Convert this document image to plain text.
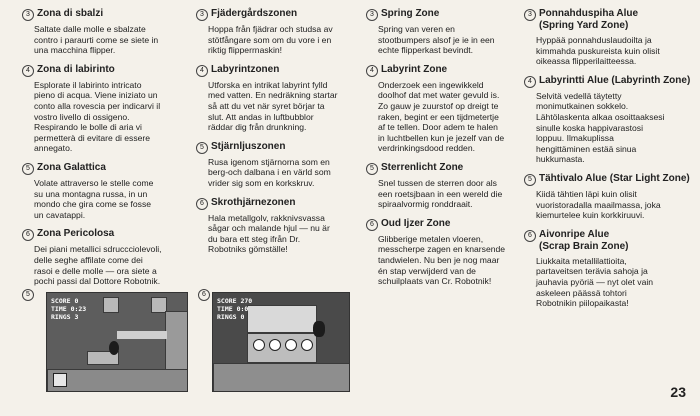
3 Zona di sbalzi
Saltate dalle molle e sbalzate
contro i paraurti come se siete in
una macchina flipper.
4 Zona di labirinto
Esplorate il labirinto intricato
pieno di acqua. Viene iniziato un
conto alla rovescia per indicarvi il
vostro livello di ossigeno.
Respirando le bolle di aria vi
permetterà di evitare di essere
annegato.
5 Zona Galattica
Volate attraverso le stelle come
su una montagna russa, in un
mondo che gira come se fosse
un cavatappi.
6 Zona Pericolosa
Dei piani metallici sdruccciolevoli,
delle seghe affilate come dei
rasoi e delle molle — ora siete a
pochi passi dal Dottore Robotnik.
3 Fjädergårdszonen
Hoppa från fjädrar och studsa av
stötfångare som om du vore i en
riktig flipperrnaskin!
4 Labyrintzonen
Utforska en intrikat labyrint fylld
med vatten. En nedräkning startar
så att du vet när syret börjar ta
slut. Att andas in luftbubblor
räddar dig från drunkning.
5 Stjärnljuszonen
Rusa igenom stjärnorna som en
berg-och dalbana i en värld som
vrider sig som en korkskruv.
6 Skrothjärnezonen
Hala metallgolv, rakknivsvassa
sågar och malande hjul — nu är
du bara ett steg ifrån Dr.
Robotniks gömställe!
3 Spring Zone
Spring van veren en
stootbumpers alsof je ie in een
echte flipperkast bevindt.
4 Labyrint Zone
Onderzoek een ingewikkeld
doolhof dat met water gevuld is.
Zo gauw je zuurstof op dreigt te
raken, begint er een tijdmetertje
af te tellen. Door adem te halen
in luchtbellen kun je jezelf van de
verdrinkingsdood redden.
5 Sterrenlicht Zone
Snel tussen de sterren door als
een roetsjbaan in een wereld die
spiraalvormig ronddraait.
6 Oud Ijzer Zone
Glibberige metalen vloeren,
messcherpe zagen en knarsende
tandwielen. Nu ben je nog maar
én stap verwijderd van de
schuilplaats van Cr. Robotnik!
3 Ponnahduspiha Alue
(Spring Yard Zone)
Hyppää ponnahduslaudoilta ja
kimmahda puskureista kuin olisit
oikeassa flipperilaitteessa.
4 Labyrintti Alue (Labyrinth Zone)
Selvitä vedellä täytetty
monimutkainen sokkelo.
Lähtölaskenta alkaa osoittaaksesi
sinulle koska happivarastosi
loppuu. Ilmakuplissa
hengittäminen estää sinua
hukkumasta.
5 Tähtivalo Alue (Star Light Zone)
Kiidä tähtien läpi kuin olisit
vuoristoradalla maailmassa, joka
kiemurtelee kuin korkkiruuvi.
6 Aivonripe Alue
(Scrap Brain Zone)
Liukkaita metallilattioita,
partaveitsen terävia sahoja ja
jauhavia pyöriä — nyt olet vain
askeleen päässä tohtori
Robotnikin piilopaikasta!
5
SCORE 0
TIME 0:23
RINGS 3
6
SCORE 270
TIME 0:0
RINGS 0
23
